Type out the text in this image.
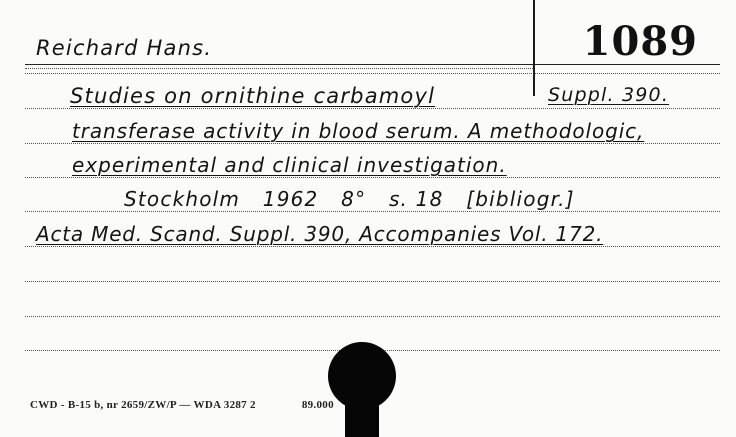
Reichard Hans.	1089
Studies on ornithine carbamoyl	Suppl. 390.
transferase activity in blood serum. A methodologic,
experimental and clinical investigation.
Stockholm   1962   8°   s. 18   [bibliogr.]
Acta Med. Scand. Suppl. 390, Accompanies Vol. 172.
CWD - B-15 b, nr 2659/ZW/P — WDA 3287 2	89.000
